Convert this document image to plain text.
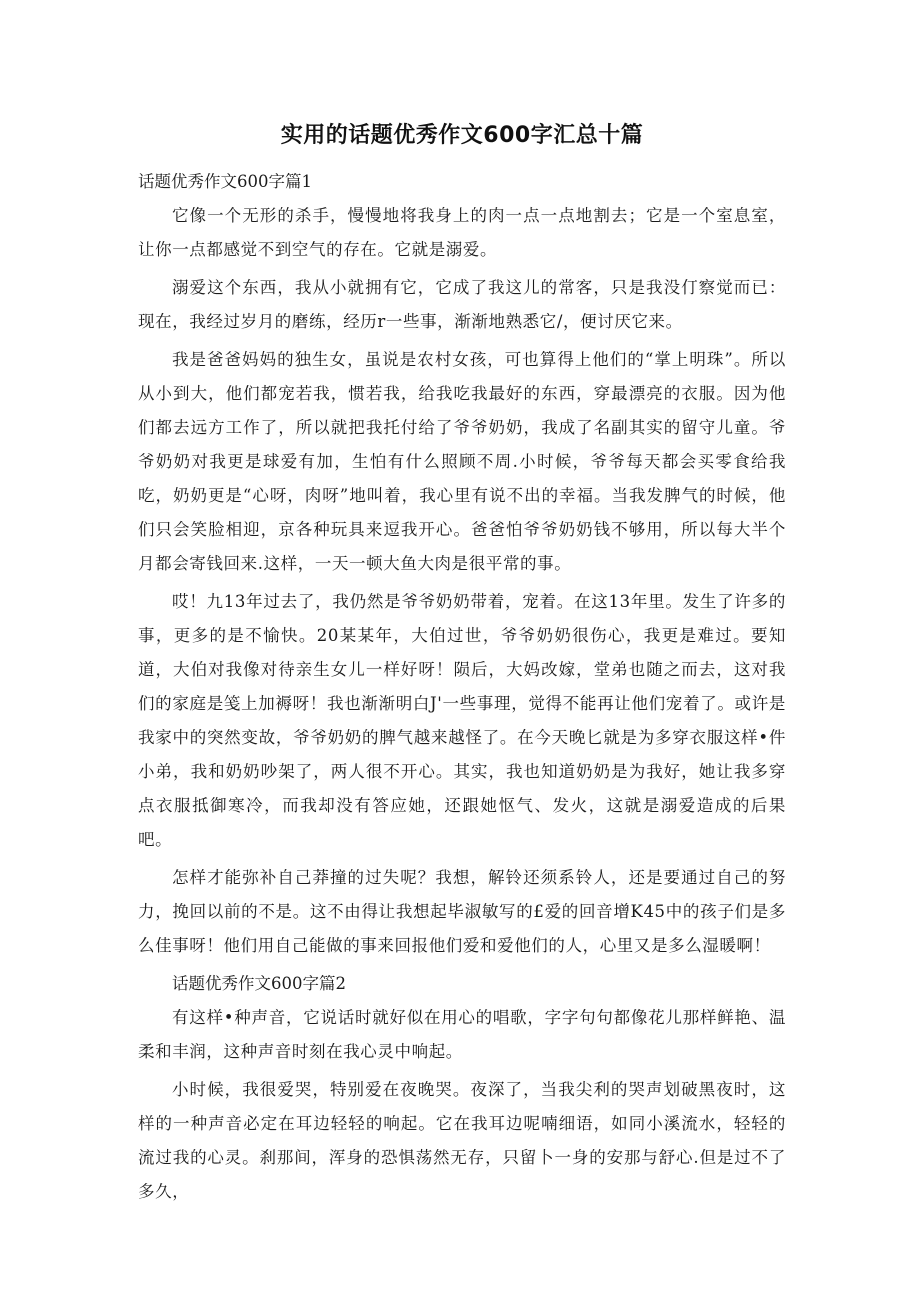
实用的话题优秀作文600字汇总十篇

话题优秀作文600字篇1

它像一个无形的杀手，慢慢地将我身上的肉一点一点地割去；它是一个室息室，让你一点都感觉不到空气的存在。它就是溺爱。

溺爱这个东西，我从小就拥有它，它成了我这儿的常客，只是我没仃察觉而已：现在，我经过岁月的磨练，经历r一些事，渐渐地熟悉它/，便讨厌它来。

我是爸爸妈妈的独生女，虽说是农村女孩，可也算得上他们的“掌上明珠”。所以从小到大，他们都宠若我，惯若我，给我吃我最好的东西，穿最漂亮的衣服。因为他们都去远方工作了，所以就把我托付给了爷爷奶奶，我成了名副其实的留守儿童。爷爷奶奶对我更是球爱有加，生怕有什么照顾不周.小时候，爷爷每天都会买零食给我吃，奶奶更是“心呀，肉呀”地叫着，我心里有说不出的幸福。当我发脾气的时候，他们只会笑脸相迎，京各种玩具来逗我开心。爸爸怕爷爷奶奶钱不够用，所以每大半个月都会寄钱回来.这样，一天一顿大鱼大肉是很平常的事。

哎！九13年过去了，我仍然是爷爷奶奶带着，宠着。在这13年里。发生了许多的事，更多的是不愉快。20某某年，大伯过世，爷爷奶奶很伤心，我更是难过。要知道，大伯对我像对待亲生女儿一样好呀！陨后，大妈改嫁，堂弟也随之而去，这对我们的家庭是笺上加褥呀！我也渐渐明白J'一些事理，觉得不能再让他们宠着了。或许是我家中的突然变故，爷爷奶奶的脾气越来越怪了。在今天晚匕就是为多穿衣服这样•件小弟，我和奶奶吵架了，两人很不开心。其实，我也知道奶奶是为我好，她让我多穿点衣服抵御寒冷，而我却没有答应她，还跟她怄气、发火，这就是溺爱造成的后果吧。

怎样才能弥补自己莽撞的过失呢？我想，解铃还须系铃人，还是要通过自己的努力，挽回以前的不是。这不由得让我想起毕淑敏写的£爱的回音增K45中的孩子们是多么佳事呀！他们用自己能做的事来回报他们爱和爱他们的人，心里又是多么湿暖啊！

话题优秀作文600字篇2

有这样•种声音，它说话时就好似在用心的唱歌，字字句句都像花儿那样鲜艳、温柔和丰润，这种声音时刻在我心灵中响起。

小时候，我很爱哭，特别爱在夜晚哭。夜深了，当我尖利的哭声划破黑夜时，这样的一种声音必定在耳边轻轻的响起。它在我耳边呢喃细语，如同小溪流水，轻轻的流过我的心灵。刹那间，浑身的恐惧荡然无存，只留卜一身的安那与舒心.但是过不了多久，
